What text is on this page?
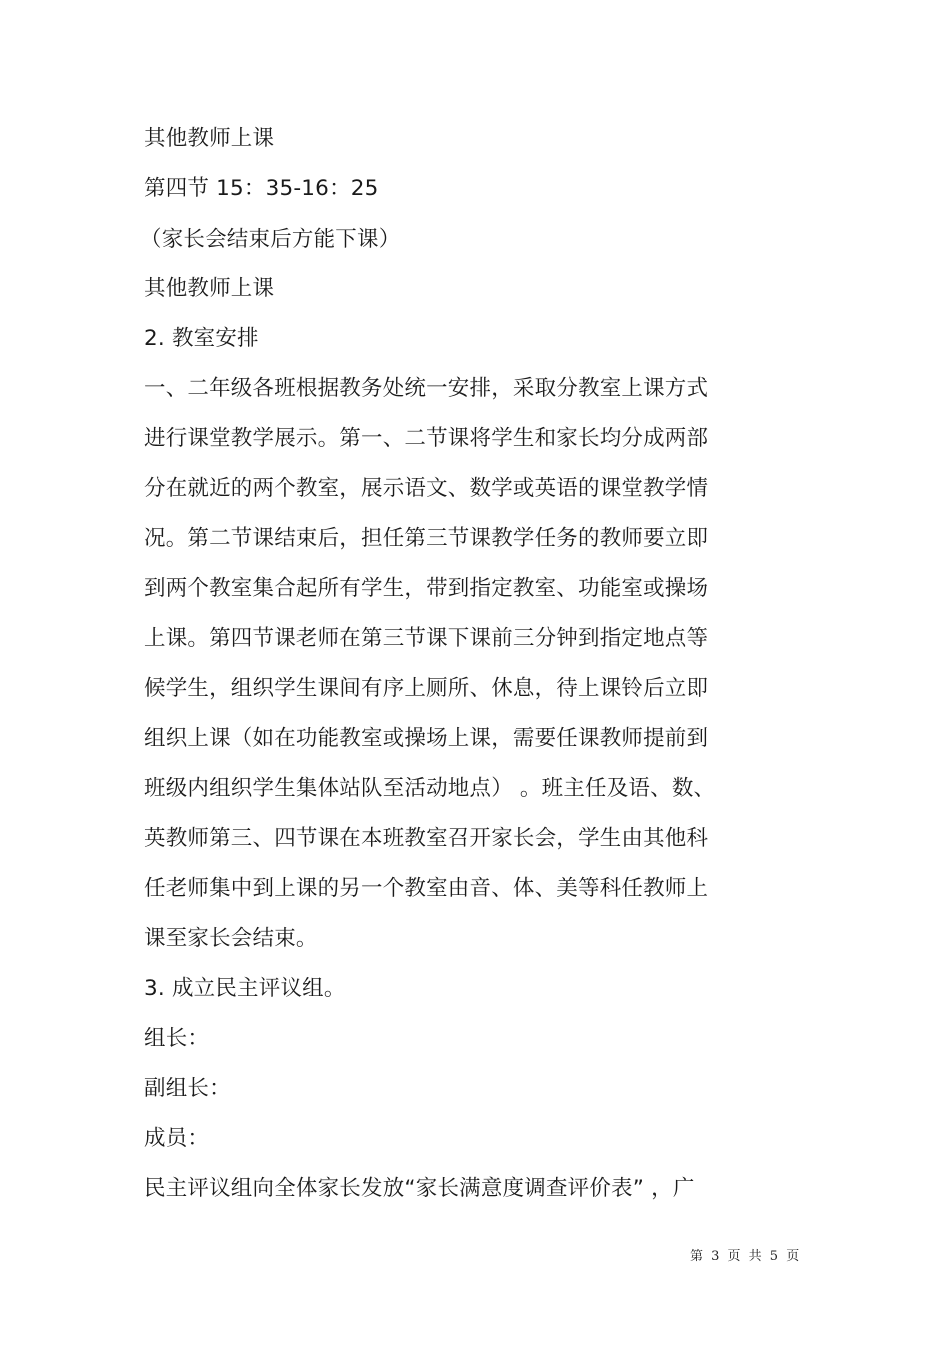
其他教师上课
第四节 15：35-16：25
（家长会结束后方能下课）
其他教师上课
2. 教室安排
一、二年级各班根据教务处统一安排，采取分教室上课方式
进行课堂教学展示。第一、二节课将学生和家长均分成两部
分在就近的两个教室，展示语文、数学或英语的课堂教学情
况。第二节课结束后，担任第三节课教学任务的教师要立即
到两个教室集合起所有学生，带到指定教室、功能室或操场
上课。第四节课老师在第三节课下课前三分钟到指定地点等
候学生，组织学生课间有序上厕所、休息，待上课铃后立即
组织上课（如在功能教室或操场上课，需要任课教师提前到
班级内组织学生集体站队至活动地点） 。班主任及语、数、
英教师第三、四节课在本班教室召开家长会，学生由其他科
任老师集中到上课的另一个教室由音、体、美等科任教师上
课至家长会结束。
3. 成立民主评议组。
组长：
副组长：
成员：
民主评议组向全体家长发放“家长满意度调查评价表” ，广
第 3 页 共 5 页
